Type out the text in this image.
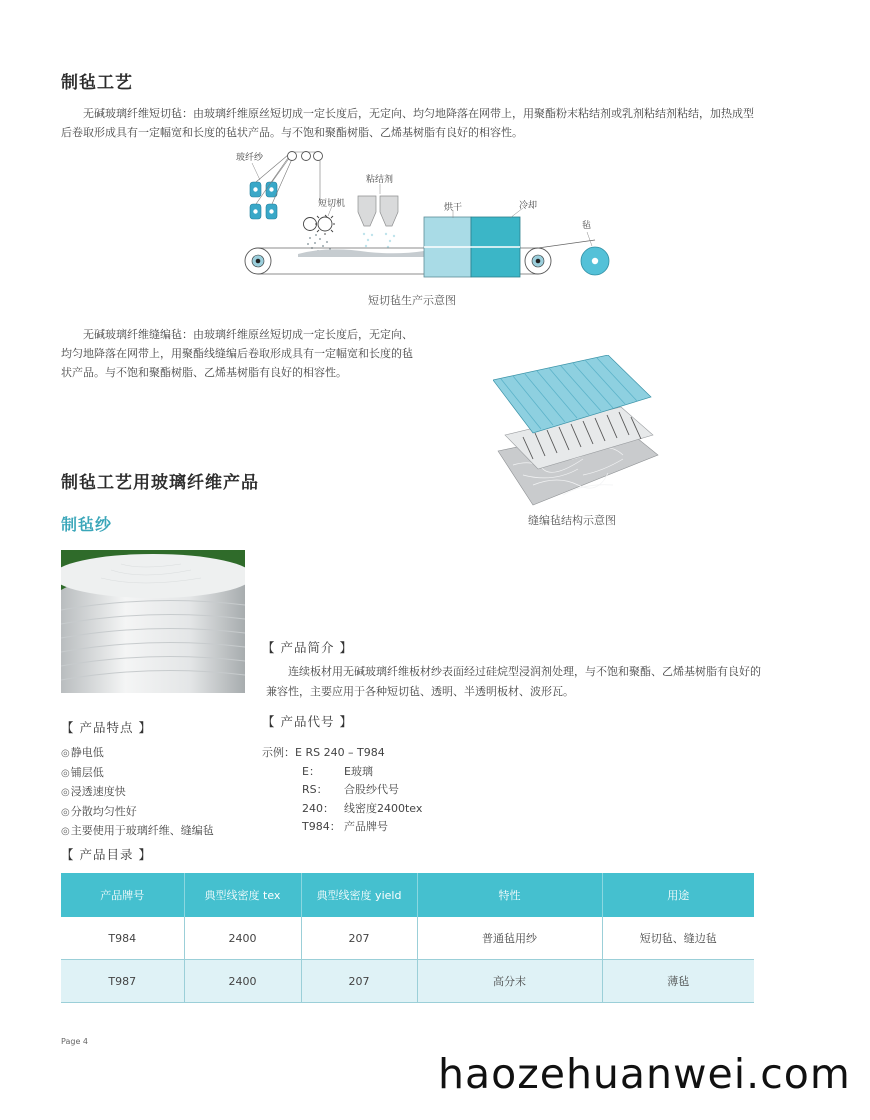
制毡工艺
无碱玻璃纤维短切毡：由玻璃纤维原丝短切成一定长度后，无定向、均匀地降落在网带上，用聚酯粉末粘结剂或乳剂粘结剂粘结，加热成型后卷取形成具有一定幅宽和长度的毡状产品。与不饱和聚酯树脂、乙烯基树脂有良好的相容性。
玻纤纱
短切机
粘结剂
烘干	冷却
毡
短切毡生产示意图
无碱玻璃纤维缝编毡：由玻璃纤维原丝短切成一定长度后，无定向、均匀地降落在网带上，用聚酯线缝编后卷取形成具有一定幅宽和长度的毡状产品。与不饱和聚酯树脂、乙烯基树脂有良好的相容性。
缝编毡结构示意图
制毡工艺用玻璃纤维产品
制毡纱
【 产品简介 】
连续板材用无碱玻璃纤维板材纱表面经过硅烷型浸润剂处理，与不饱和聚酯、乙烯基树脂有良好的兼容性，主要应用于各种短切毡、透明、半透明板材、波形瓦。
【 产品代号 】
示例：E RS 240 – T984
E： E玻璃
RS： 合股纱代号
240： 线密度2400tex
T984： 产品牌号
【 产品特点 】
◎ 静电低
◎ 铺层低
◎ 浸透速度快
◎ 分散均匀性好
◎ 主要使用于玻璃纤维、缝编毡
【 产品目录 】
产品牌号	典型线密度 tex	典型线密度 yield	特性	用途
T984	2400	207	普通毡用纱	短切毡、缝边毡
T987	2400	207	高分末	薄毡
Page 4
haozehuanwei.com
